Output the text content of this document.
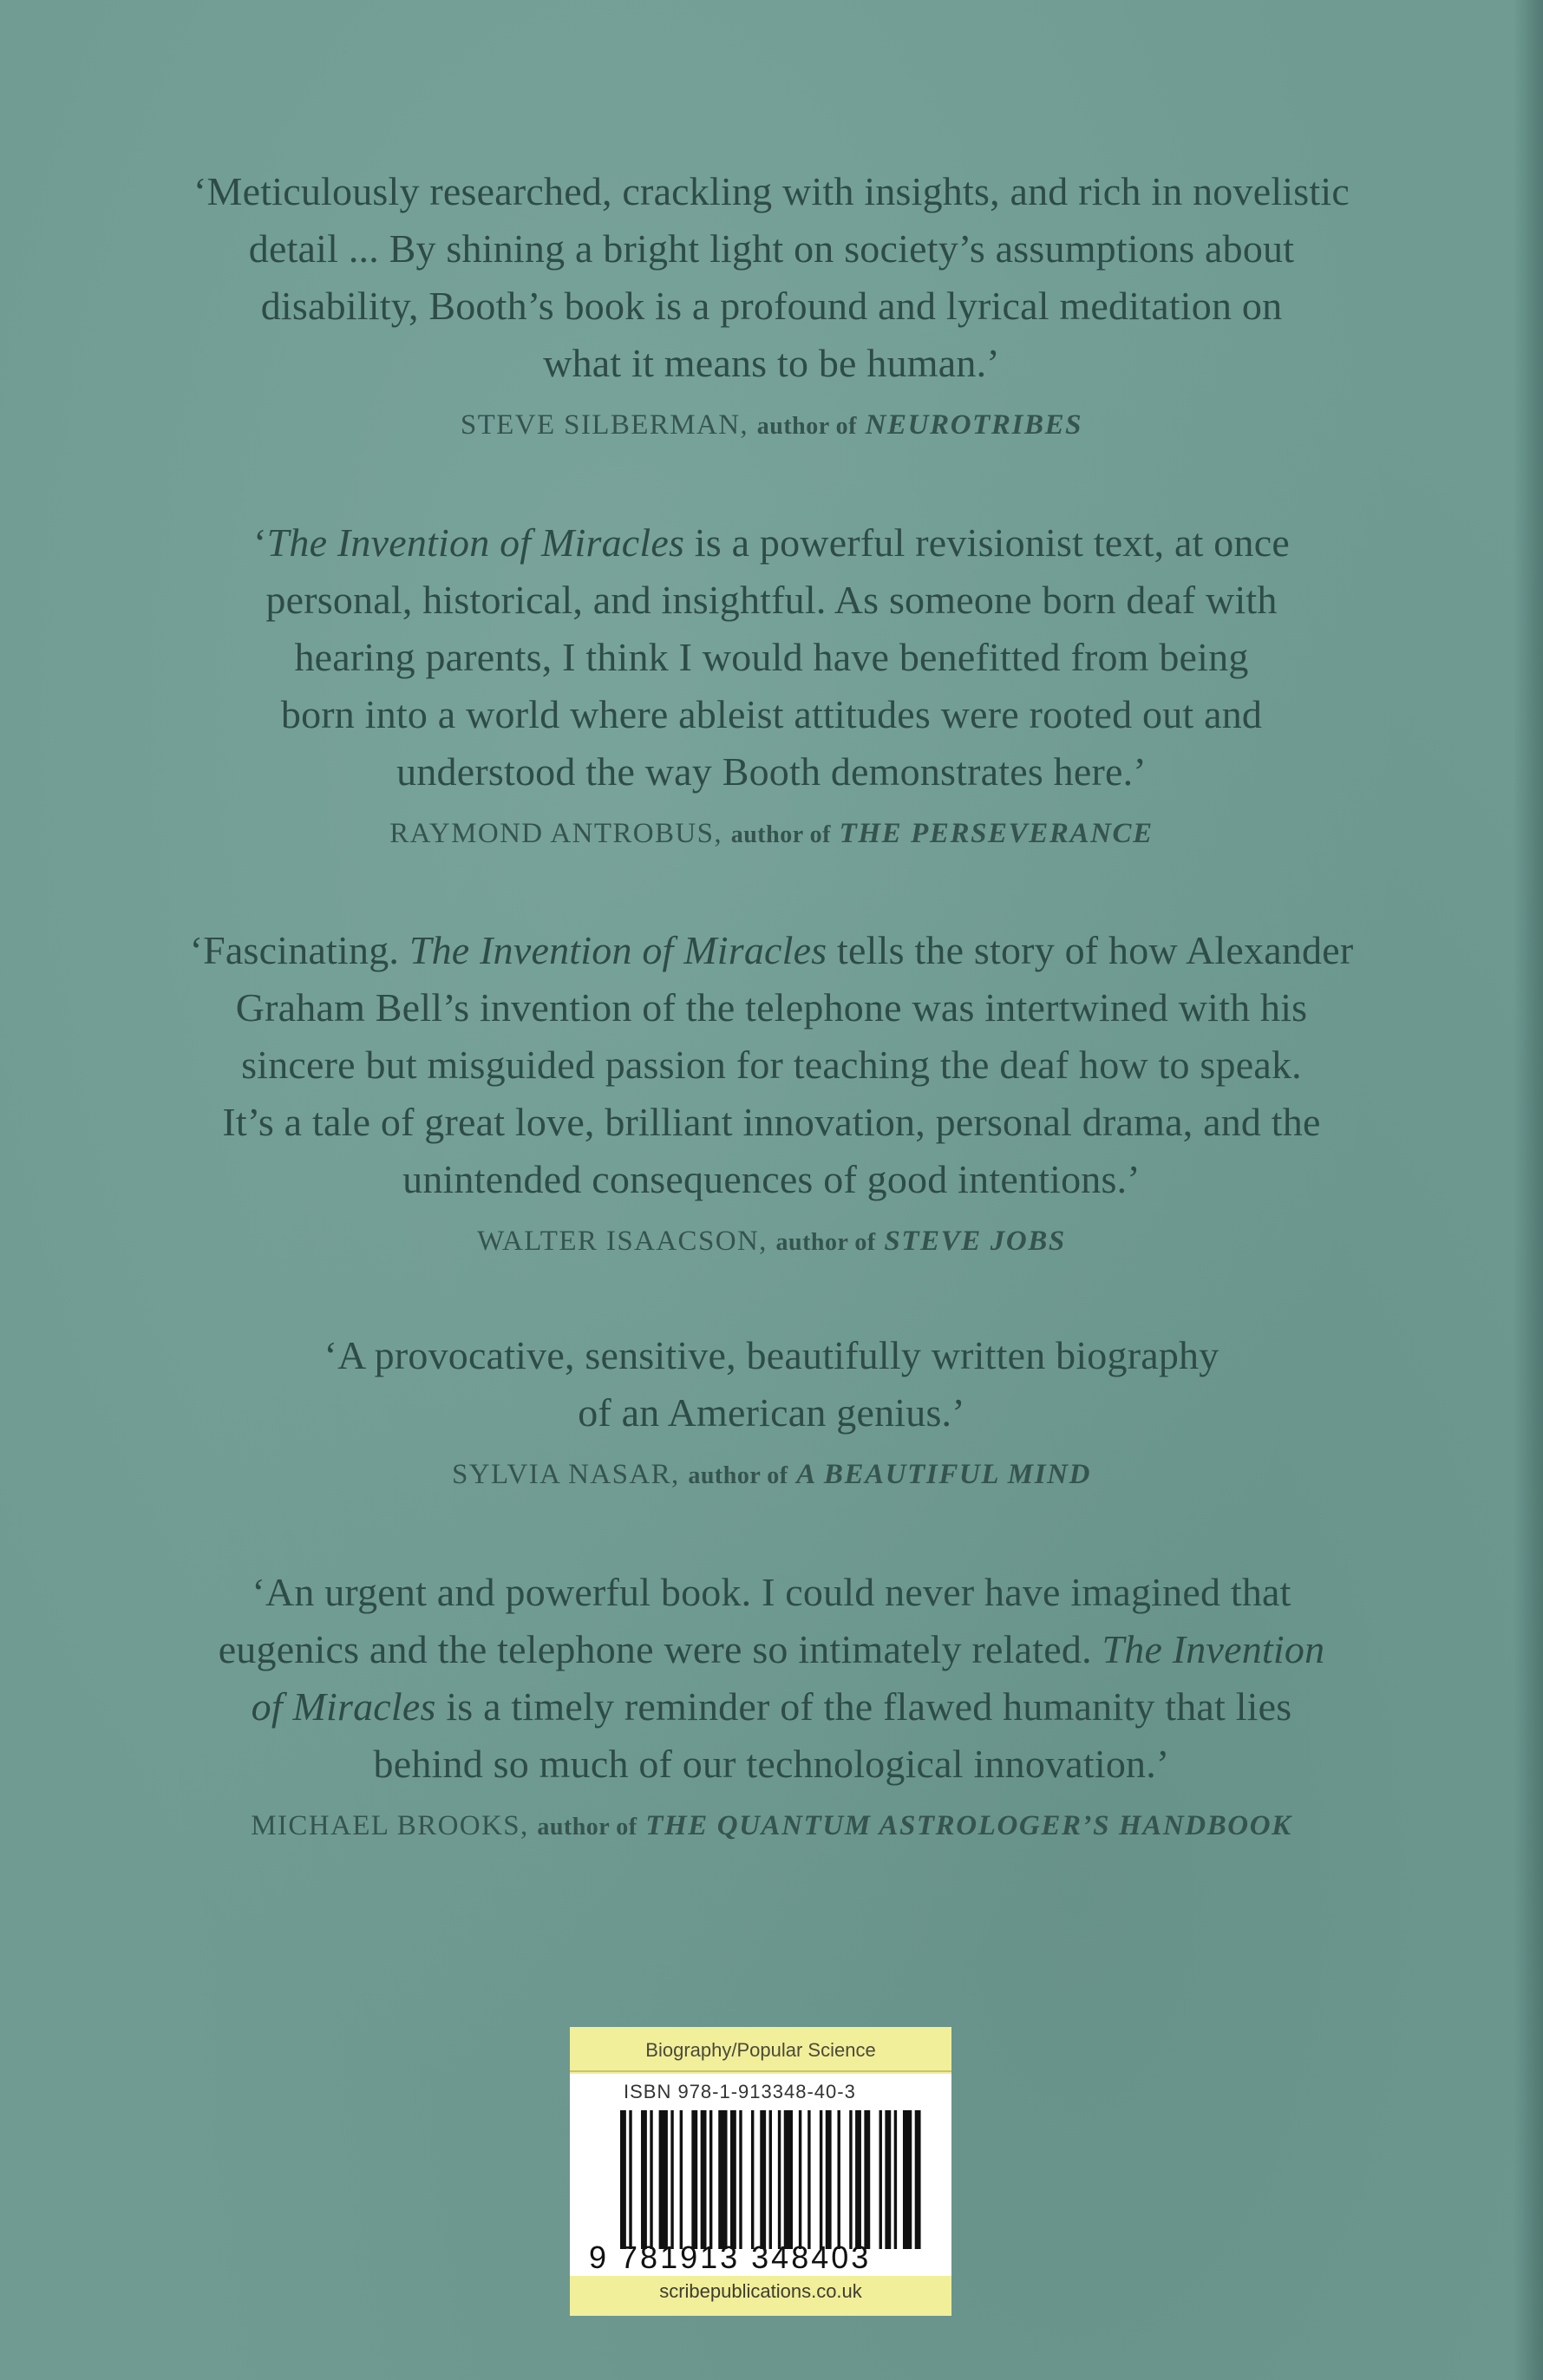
‘Meticulously researched, crackling with insights, and rich in novelistic
detail ... By shining a bright light on society’s assumptions about
disability, Booth’s book is a profound and lyrical meditation on
what it means to be human.’
STEVE SILBERMAN, author of NEUROTRIBES
‘The Invention of Miracles is a powerful revisionist text, at once
personal, historical, and insightful. As someone born deaf with
hearing parents, I think I would have benefitted from being
born into a world where ableist attitudes were rooted out and
understood the way Booth demonstrates here.’
RAYMOND ANTROBUS, author of THE PERSEVERANCE
‘Fascinating. The Invention of Miracles tells the story of how Alexander
Graham Bell’s invention of the telephone was intertwined with his
sincere but misguided passion for teaching the deaf how to speak.
It’s a tale of great love, brilliant innovation, personal drama, and the
unintended consequences of good intentions.’
WALTER ISAACSON, author of STEVE JOBS
‘A provocative, sensitive, beautifully written biography
of an American genius.’
SYLVIA NASAR, author of A BEAUTIFUL MIND
‘An urgent and powerful book. I could never have imagined that
eugenics and the telephone were so intimately related. The Invention
of Miracles is a timely reminder of the flawed humanity that lies
behind so much of our technological innovation.’
MICHAEL BROOKS, author of THE QUANTUM ASTROLOGER’S HANDBOOK
Biography/Popular Science
ISBN 978-1-913348-40-3
9 781913 348403
scribepublications.co.uk
